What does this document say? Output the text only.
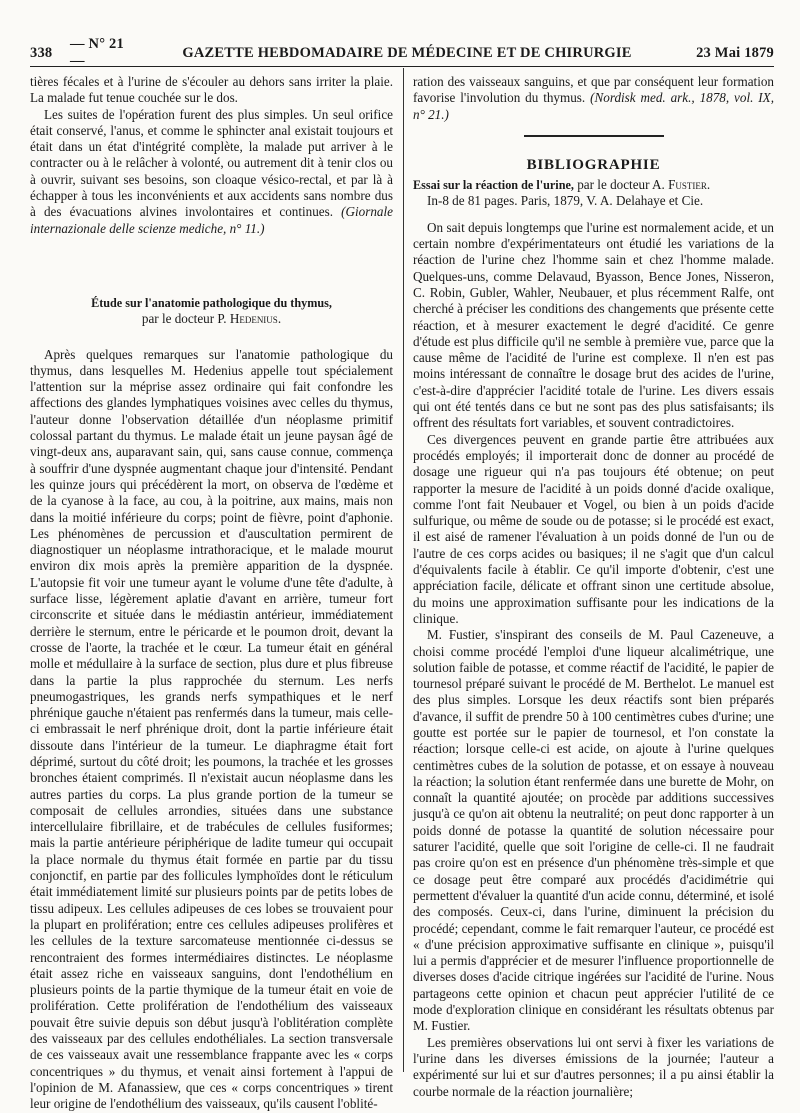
338
— N° 21 —
GAZETTE HEBDOMADAIRE DE MÉDECINE ET DE CHIRURGIE	23 Mai 1879

tières fécales et à l'urine de s'écouler au dehors sans irriter la plaie. La malade fut tenue couchée sur le dos.

Les suites de l'opération furent des plus simples. Un seul orifice était conservé, l'anus, et comme le sphincter anal existait toujours et était dans un état d'intégrité complète, la malade put arriver à le contracter ou à le relâcher à volonté, ou autrement dit à tenir clos ou à ouvrir, suivant ses besoins, son cloaque vésico-rectal, et par là à échapper à tous les inconvénients et aux accidents sans nombre dus à des évacuations alvines involontaires et continues. (Giornale internazionale delle scienze mediche, n° 11.)

Étude sur l'anatomie pathologique du thymus,
par le docteur P. Hedenius.

Après quelques remarques sur l'anatomie pathologique du thymus, dans lesquelles M. Hedenius appelle tout spécialement l'attention sur la méprise assez ordinaire qui fait confondre les affections des glandes lymphatiques voisines avec celles du thymus, l'auteur donne l'observation détaillée d'un néoplasme primitif colossal partant du thymus. Le malade était un jeune paysan âgé de vingt-deux ans, auparavant sain, qui, sans cause connue, commença à souffrir d'une dyspnée augmentant chaque jour d'intensité. Pendant les quinze jours qui précédèrent la mort, on observa de l'œdème et de la cyanose à la face, au cou, à la poitrine, aux mains, mais non dans la moitié inférieure du corps; point de fièvre, point d'aphonie. Les phénomènes de percussion et d'auscultation permirent de diagnostiquer un néoplasme intrathoracique, et le malade mourut environ dix mois après la première apparition de la dyspnée. L'autopsie fit voir une tumeur ayant le volume d'une tête d'adulte, à surface lisse, légèrement aplatie d'avant en arrière, tumeur fort circonscrite et située dans le médiastin antérieur, immédiatement derrière le sternum, entre le péricarde et le poumon droit, devant la crosse de l'aorte, la trachée et le cœur. La tumeur était en général molle et médullaire à la surface de section, plus dure et plus fibreuse dans la partie la plus rapprochée du sternum. Les nerfs pneumogastriques, les grands nerfs sympathiques et le nerf phrénique gauche n'étaient pas renfermés dans la tumeur, mais celle-ci embrassait le nerf phrénique droit, dont la partie inférieure était dissoute dans l'intérieur de la tumeur. Le diaphragme était fort déprimé, surtout du côté droit; les poumons, la trachée et les grosses bronches étaient comprimés. Il n'existait aucun néoplasme dans les autres parties du corps. La plus grande portion de la tumeur se composait de cellules arrondies, situées dans une substance intercellulaire fibrillaire, et de trabécules de cellules fusiformes; mais la partie antérieure périphérique de ladite tumeur qui occupait la place normale du thymus était formée en partie par du tissu conjonctif, en partie par des follicules lymphoïdes dont le réticulum était immédiatement limité sur plusieurs points par de petits lobes de tissu adipeux. Les cellules adipeuses de ces lobes se trouvaient pour la plupart en prolifération; entre ces cellules adipeuses prolifères et les cellules de la texture sarcomateuse mentionnée ci-dessus se rencontraient des formes intermédiaires distinctes. Le néoplasme était assez riche en vaisseaux sanguins, dont l'endothélium en plusieurs points de la partie thymique de la tumeur était en voie de prolifération. Cette prolifération de l'endothélium des vaisseaux pouvait être suivie depuis son début jusqu'à l'oblitération complète des vaisseaux par des cellules endothéliales. La section transversale de ces vaisseaux avait une ressemblance frappante avec les « corps concentriques » du thymus, et venait ainsi fortement à l'appui de l'opinion de M. Afanassiew, que ces « corps concentriques » tirent leur origine de l'endothélium des vaisseaux, qu'ils causent l'oblité-

ration des vaisseaux sanguins, et que par conséquent leur formation favorise l'involution du thymus. (Nordisk med. ark., 1878, vol. IX, n° 21.)

BIBLIOGRAPHIE

Essai sur la réaction de l'urine, par le docteur A. Fustier.

In-8 de 81 pages. Paris, 1879, V. A. Delahaye et Cie.

On sait depuis longtemps que l'urine est normalement acide, et un certain nombre d'expérimentateurs ont étudié les variations de la réaction de l'urine chez l'homme sain et chez l'homme malade. Quelques-uns, comme Delavaud, Byasson, Bence Jones, Nisseron, C. Robin, Gubler, Wahler, Neubauer, et plus récemment Ralfe, ont cherché à préciser les conditions des changements que présente cette réaction, et à mesurer exactement le degré d'acidité. Ce genre d'étude est plus difficile qu'il ne semble à première vue, parce que la cause même de l'acidité de l'urine est complexe. Il n'en est pas moins intéressant de connaître le dosage brut des acides de l'urine, c'est-à-dire d'apprécier l'acidité totale de l'urine. Les divers essais qui ont été tentés dans ce but ne sont pas des plus satisfaisants; ils offrent des résultats fort variables, et souvent contradictoires.

Ces divergences peuvent en grande partie être attribuées aux procédés employés; il importerait donc de donner au procédé de dosage une rigueur qui n'a pas toujours été obtenue; on peut rapporter la mesure de l'acidité à un poids donné d'acide oxalique, comme l'ont fait Neubauer et Vogel, ou bien à un poids d'acide sulfurique, ou même de soude ou de potasse; si le procédé est exact, il est aisé de ramener l'évaluation à un poids donné de l'un ou de l'autre de ces corps acides ou basiques; il ne s'agit que d'un calcul d'équivalents facile à établir. Ce qu'il importe d'obtenir, c'est une appréciation facile, délicate et offrant sinon une certitude absolue, du moins une approximation suffisante pour les indications de la clinique.

M. Fustier, s'inspirant des conseils de M. Paul Cazeneuve, a choisi comme procédé l'emploi d'une liqueur alcalimétrique, une solution faible de potasse, et comme réactif de l'acidité, le papier de tournesol préparé suivant le procédé de M. Berthelot. Le manuel est des plus simples. Lorsque les deux réactifs sont bien préparés d'avance, il suffit de prendre 50 à 100 centimètres cubes d'urine; une goutte est portée sur le papier de tournesol, et l'on constate la réaction; lorsque celle-ci est acide, on ajoute à l'urine quelques centimètres cubes de la solution de potasse, et on essaye à nouveau la réaction; la solution étant renfermée dans une burette de Mohr, on connaît la quantité ajoutée; on procède par additions successives jusqu'à ce qu'on ait obtenu la neutralité; on peut donc rapporter à un poids donné de potasse la quantité de solution nécessaire pour saturer l'acidité, quelle que soit l'origine de celle-ci. Il ne faudrait pas croire qu'on est en présence d'un phénomène très-simple et que ce dosage peut être comparé aux procédés d'acidimétrie qui permettent d'évaluer la quantité d'un acide connu, déterminé, et isolé des composés. Ceux-ci, dans l'urine, diminuent la précision du procédé; cependant, comme le fait remarquer l'auteur, ce procédé est « d'une précision approximative suffisante en clinique », puisqu'il lui a permis d'apprécier et de mesurer l'influence proportionnelle de diverses doses d'acide citrique ingérées sur l'acidité de l'urine. Nous partageons cette opinion et chacun peut apprécier l'utilité de ce mode d'exploration clinique en considérant les résultats obtenus par M. Fustier.

Les premières observations lui ont servi à fixer les variations de l'urine dans les diverses émissions de la journée; l'auteur a expérimenté sur lui et sur d'autres personnes; il a pu ainsi établir la courbe normale de la réaction journalière;
